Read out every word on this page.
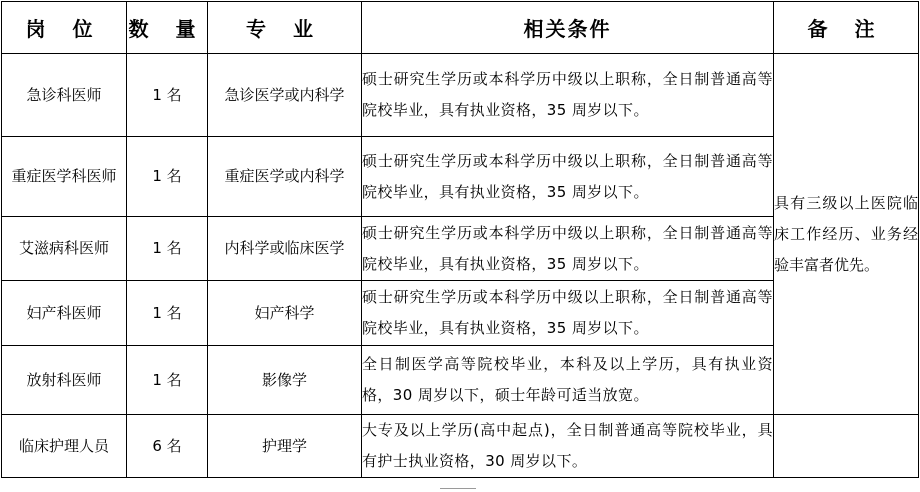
岗 位	数 量	专 业	相关条件	备 注
急诊科医师	1 名	急诊医学或内科学	硕士研究生学历或本科学历中级以上职称，全日制普通高等院校毕业，具有执业资格，35 周岁以下。	具有三级以上医院临床工作经历、业务经验丰富者优先。
重症医学科医师	1 名	重症医学或内科学	硕士研究生学历或本科学历中级以上职称，全日制普通高等院校毕业，具有执业资格，35 周岁以下。	
艾滋病科医师	1 名	内科学或临床医学	硕士研究生学历或本科学历中级以上职称，全日制普通高等院校毕业，具有执业资格，35 周岁以下。	
妇产科医师	1 名	妇产科学	硕士研究生学历或本科学历中级以上职称，全日制普通高等院校毕业，具有执业资格，35 周岁以下。	
放射科医师	1 名	影像学	全日制医学高等院校毕业，本科及以上学历，具有执业资格，30 周岁以下，硕士年龄可适当放宽。	
临床护理人员	6 名	护理学	大专及以上学历(高中起点)，全日制普通高等院校毕业，具有护士执业资格，30 周岁以下。	
